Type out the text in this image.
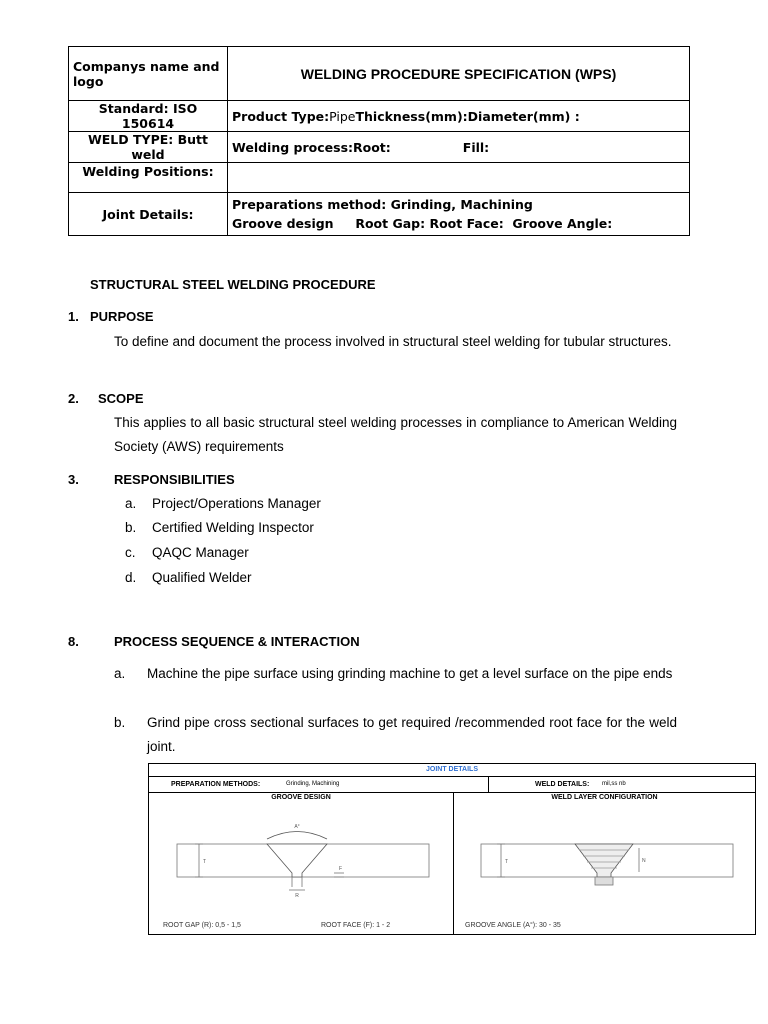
Companys name and logo	WELDING PROCEDURE SPECIFICATION (WPS)
Standard: ISO 150614	Product Type:PipeThickness(mm):Diameter(mm) :
WELD TYPE: Butt weld	Welding process:Root: Fill:
Welding Positions:	
Joint Details:	Preparations method: Grinding, Machining
Groove design     Root Gap: Root Face:  Groove Angle:
STRUCTURAL STEEL WELDING PROCEDURE
1. PURPOSE
To define and document the process involved in structural steel welding for tubular structures.
2. SCOPE
This applies to all basic structural steel welding processes in compliance to American Welding Society (AWS) requirements
3.	RESPONSIBILITIES
a. Project/Operations Manager
b. Certified Welding Inspector
c. QAQC Manager
d. Qualified Welder
8.	PROCESS SEQUENCE & INTERACTION
a. Machine the pipe surface using grinding machine to get a level surface on the pipe ends
b. Grind pipe cross sectional surfaces to get required /recommended root face for the weld joint.
JOINT DETAILS
PREPARATION METHODS:	Grinding, Machining	WELD DETAILS: mil,ss nb
GROOVE DESIGN	WELD LAYER CONFIGURATION
A°
T
F
R
T	N
ROOT GAP (R): 0,5 - 1,5	ROOT FACE (F): 1 - 2	GROOVE ANGLE (A°): 30 - 35
